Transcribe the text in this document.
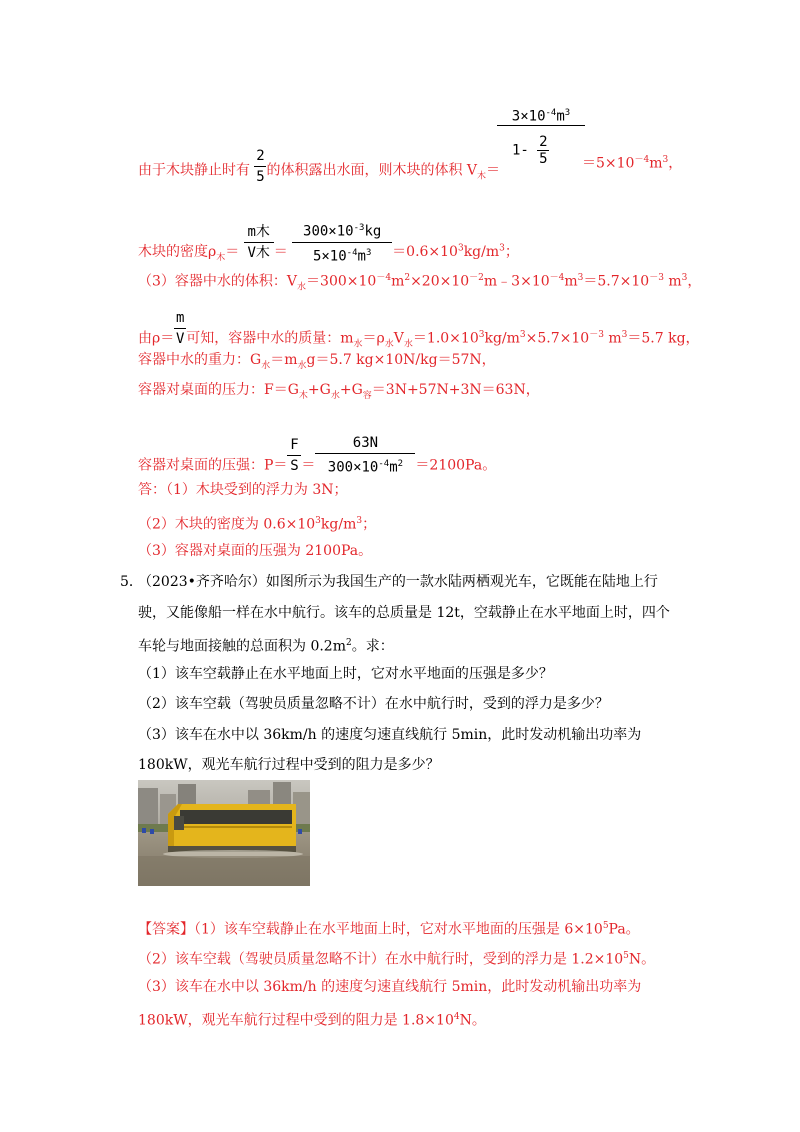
$3\times 10^{-4}m^3$
$1- \frac{2}{5}$
由于木块静止时有 $\frac{2}{5}$ 的体积露出水面，则木块的体积 $V_木=$	$=5\times 10^{-4}m^3$，
木块的密度$\rho_木= \frac{\text{m木}}{\text{V木}} = \frac{300\times 10^{-3}kg}{5\times 10^{-4}m^3} =0.6\times 10^3kg/m^3$；
（3）容器中水的体积：$V_水=300\times 10^{-4}m^2\times 20\times 10^{-2}m﹣3\times 10^{-4}m^3=5.7\times 10^{-3}$ $m^3$，
由$\rho= \frac{m}{V}$ 可知，容器中水的质量：$m_水=\rho_水V_水=1.0\times 10^3kg/m^3\times 5.7\times 10^{-3}$ $m^3=5.7$ kg，
容器中水的重力：$G_水=m_水g=5.7$ kg×10N/kg＝57N，
容器对桌面的压力：$F=G_木+G_水+G_容=3N+57N+3N=63N$，
容器对桌面的压强：$P= \frac{F}{S} = \frac{63N}{300\times 10^{-4}m^2} =2100Pa$。
答：（1）木块受到的浮力为 3N；
（2）木块的密度为 $0.6\times 10^3kg/m^3$；
（3）容器对桌面的压强为 2100Pa。
5．
（2023•齐齐哈尔）如图所示为我国生产的一款水陆两栖观光车，它既能在陆地上行
驶，又能像船一样在水中航行。该车的总质量是 12t，空载静止在水平地面上时，四个
车轮与地面接触的总面积为 $0.2m^2$。求：
（1）该车空载静止在水平地面上时，它对水平地面的压强是多少？
（2）该车空载（驾驶员质量忽略不计）在水中航行时，受到的浮力是多少？
（3）该车在水中以 36km/h 的速度匀速直线航行 5min，此时发动机输出功率为
180kW，观光车航行过程中受到的阻力是多少？
【答案】（1）该车空载静止在水平地面上时，它对水平地面的压强是 $6\times 10^5Pa$。
（2）该车空载（驾驶员质量忽略不计）在水中航行时，受到的浮力是 $1.2\times 10^5N$。
（3）该车在水中以 36km/h 的速度匀速直线航行 5min，此时发动机输出功率为
180kW，观光车航行过程中受到的阻力是 $1.8\times 10^4N$。
